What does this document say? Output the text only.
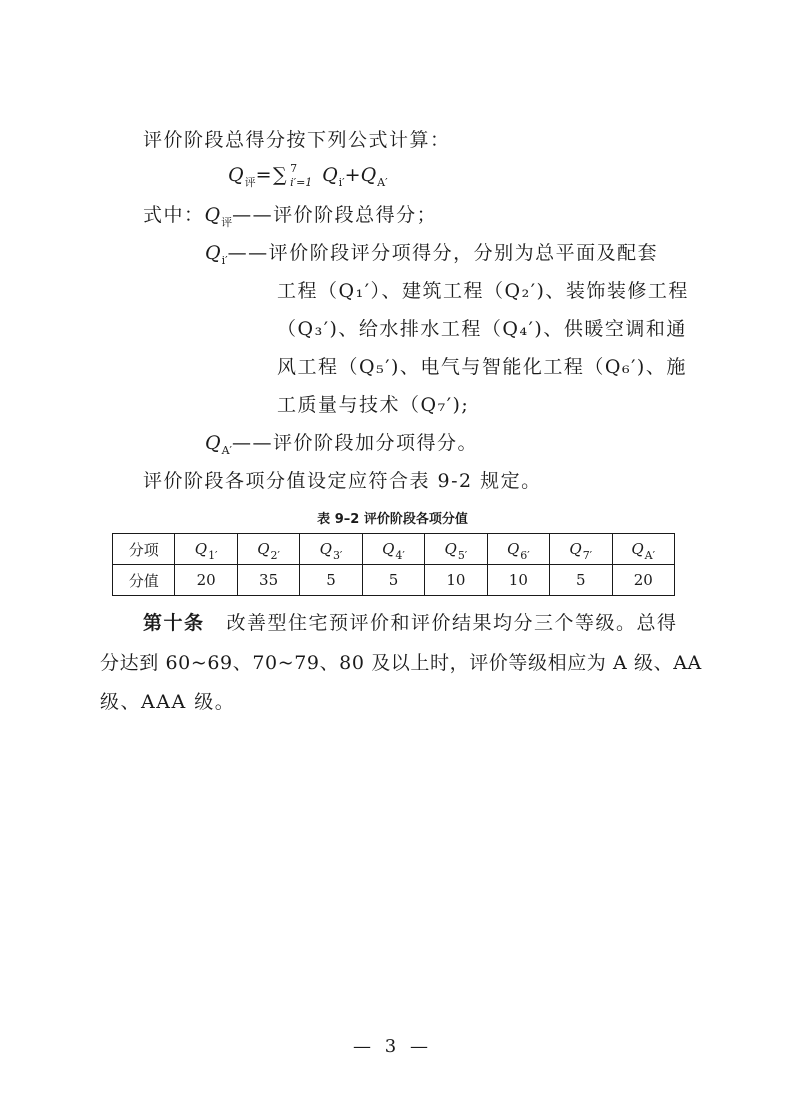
评价阶段总得分按下列公式计算：
$Q_评=\sum$ 7
i′=1 $Q_{i'}+Q_{A'}$
式中：$Q_评——$评价阶段总得分；
$Q_{i'}——$评价阶段评分项得分，分别为总平面及配套
工程（Q₁′）、建筑工程（Q₂′)、装饰装修工程
（Q₃′)、给水排水工程（Q₄′)、供暖空调和通
风工程（Q₅′)、电气与智能化工程（Q₆′)、施
工质量与技术（Q₇′);
$Q_{A'}——$评价阶段加分项得分。
评价阶段各项分值设定应符合表 9-2 规定。
表 9–2 评价阶段各项分值
分项	$Q_{1'}$	$Q_{2'}$	$Q_{3'}$	$Q_{4'}$	$Q_{5'}$	$Q_{6'}$	$Q_{7'}$	$Q_{A'}$
分值	20	35	5	5	10	10	5	20
第十条 改善型住宅预评价和评价结果均分三个等级。总得
分达到 60~69、70~79、80 及以上时，评价等级相应为 A 级、AA
级、AAA 级。
— 3 —
